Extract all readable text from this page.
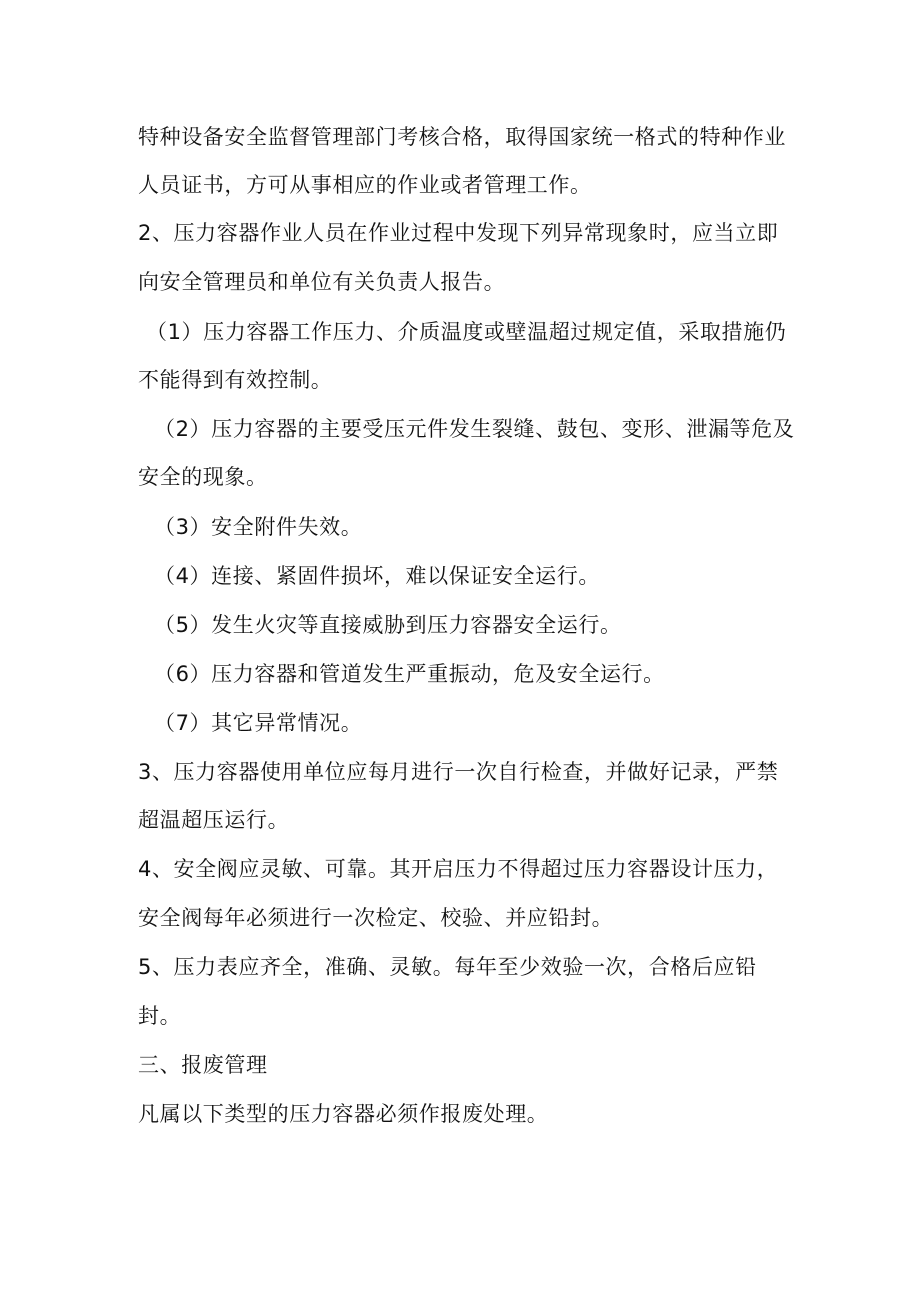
特种设备安全监督管理部门考核合格，取得国家统一格式的特种作业
人员证书，方可从事相应的作业或者管理工作。
2、压力容器作业人员在作业过程中发现下列异常现象时，应当立即
向安全管理员和单位有关负责人报告。
（1）压力容器工作压力、介质温度或壁温超过规定值，采取措施仍
不能得到有效控制。
（2）压力容器的主要受压元件发生裂缝、鼓包、变形、泄漏等危及
安全的现象。
（3）安全附件失效。
（4）连接、紧固件损坏，难以保证安全运行。
（5）发生火灾等直接威胁到压力容器安全运行。
（6）压力容器和管道发生严重振动，危及安全运行。
（7）其它异常情况。
3、压力容器使用单位应每月进行一次自行检查，并做好记录，严禁
超温超压运行。
4、安全阀应灵敏、可靠。其开启压力不得超过压力容器设计压力，
安全阀每年必须进行一次检定、校验、并应铅封。
5、压力表应齐全，准确、灵敏。每年至少效验一次，合格后应铅
封。
三、报废管理
凡属以下类型的压力容器必须作报废处理。
